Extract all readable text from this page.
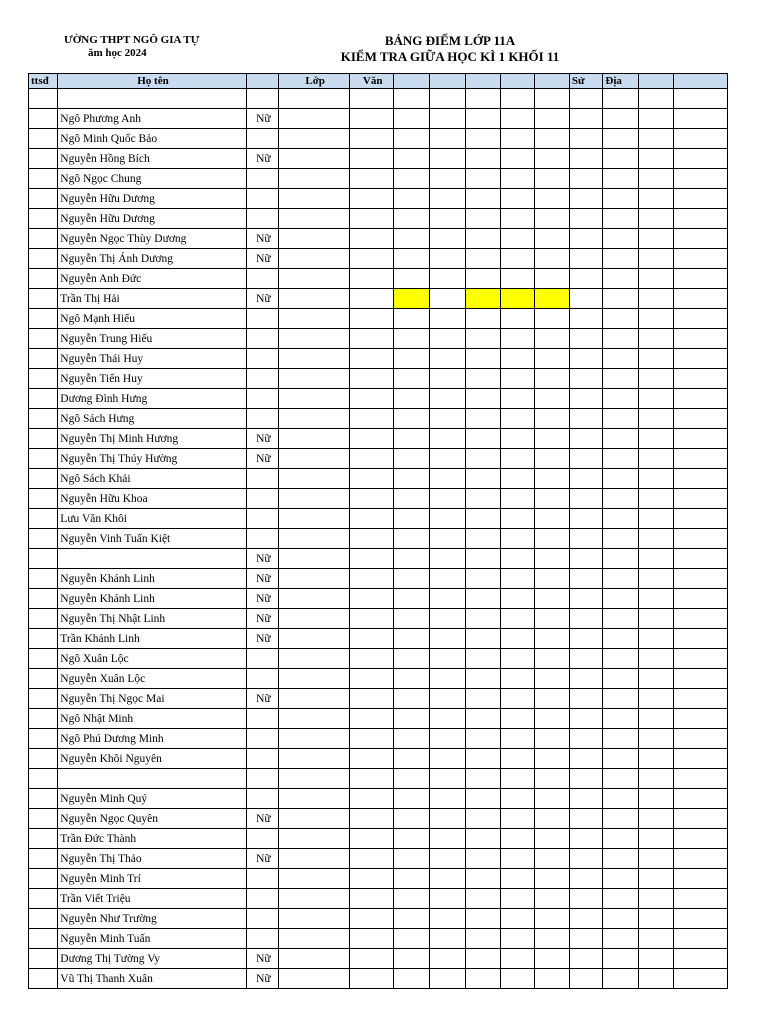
ƯỜNG THPT NGÔ GIA TỰ
ăm học 2024
BẢNG ĐIỂM LỚP 11A
KIỂM TRA GIỮA HỌC KÌ 1 KHỐI 11
ttsđ	Họ tên		Lớp	Văn						Sử	Địa		

	Ngô Phương Anh	Nữ											
	Ngô Minh Quốc Bảo												
	Nguyễn Hồng Bích	Nữ											
	Ngô Ngọc Chung												
	Nguyễn Hữu Dương												
	Nguyễn Hữu Dương												
	Nguyễn Ngọc Thùy Dương	Nữ											
	Nguyễn Thị Ánh Dương	Nữ											
	Nguyễn Anh Đức												
	Trần Thị Hải	Nữ											
	Ngô Mạnh Hiếu												
	Nguyễn Trung Hiếu												
	Nguyễn Thái Huy												
	Nguyễn Tiến Huy												
	Dương Đình Hưng												
	Ngô Sách Hưng												
	Nguyễn Thị Minh Hương	Nữ											
	Nguyễn Thị Thúy Hường	Nữ											
	Ngô Sách Khải												
	Nguyễn Hữu Khoa												
	Lưu Văn Khôi												
	Nguyễn Vinh Tuấn Kiệt												
		Nữ											
	Nguyễn Khánh Linh	Nữ											
	Nguyễn Khánh Linh	Nữ											
	Nguyễn Thị Nhật Linh	Nữ											
	Trần Khánh Linh	Nữ											
	Ngô Xuân Lộc												
	Nguyễn Xuân Lộc												
	Nguyễn Thị Ngọc Mai	Nữ											
	Ngô Nhật Minh												
	Ngô Phú Dương Minh												
	Nguyễn Khôi Nguyên												

	Nguyễn Minh Quý												
	Nguyễn Ngọc Quyên	Nữ											
	Trần Đức Thành												
	Nguyễn Thị Thảo	Nữ											
	Nguyễn Minh Trí												
	Trần Viết Triệu												
	Nguyễn Như Trường												
	Nguyễn Minh Tuấn												
	Dương Thị Tường Vy	Nữ											
	Vũ Thị Thanh Xuân	Nữ											
